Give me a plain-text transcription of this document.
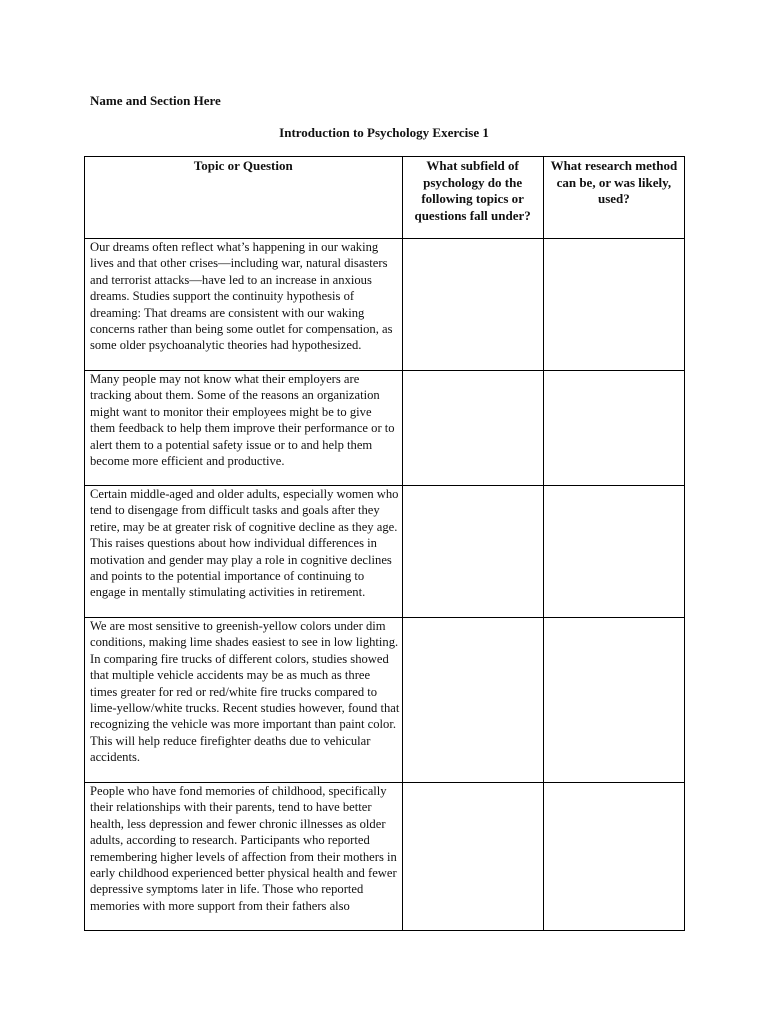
Name and Section Here
Introduction to Psychology Exercise 1
Topic or Question	What subfield of psychology do the following topics or questions fall under?	What research method can be, or was likely, used?

Our dreams often reflect what’s happening in our waking lives and that other crises—including war, natural disasters and terrorist attacks—have led to an increase in anxious dreams. Studies support the continuity hypothesis of dreaming: That dreams are consistent with our waking concerns rather than being some outlet for compensation, as some older psychoanalytic theories had hypothesized.		

Many people may not know what their employers are tracking about them. Some of the reasons an organization might want to monitor their employees might be to give them feedback to help them improve their performance or to alert them to a potential safety issue or to and help them become more efficient and productive.		

Certain middle-aged and older adults, especially women who tend to disengage from difficult tasks and goals after they retire, may be at greater risk of cognitive decline as they age. This raises questions about how individual differences in motivation and gender may play a role in cognitive declines and points to the potential importance of continuing to engage in mentally stimulating activities in retirement.		

We are most sensitive to greenish-yellow colors under dim conditions, making lime shades easiest to see in low lighting. In comparing fire trucks of different colors, studies showed that multiple vehicle accidents may be as much as three times greater for red or red/white fire trucks compared to lime-yellow/white trucks. Recent studies however, found that recognizing the vehicle was more important than paint color. This will help reduce firefighter deaths due to vehicular accidents.		

People who have fond memories of childhood, specifically their relationships with their parents, tend to have better health, less depression and fewer chronic illnesses as older adults, according to research. Participants who reported remembering higher levels of affection from their mothers in early childhood experienced better physical health and fewer depressive symptoms later in life. Those who reported memories with more support from their fathers also		
